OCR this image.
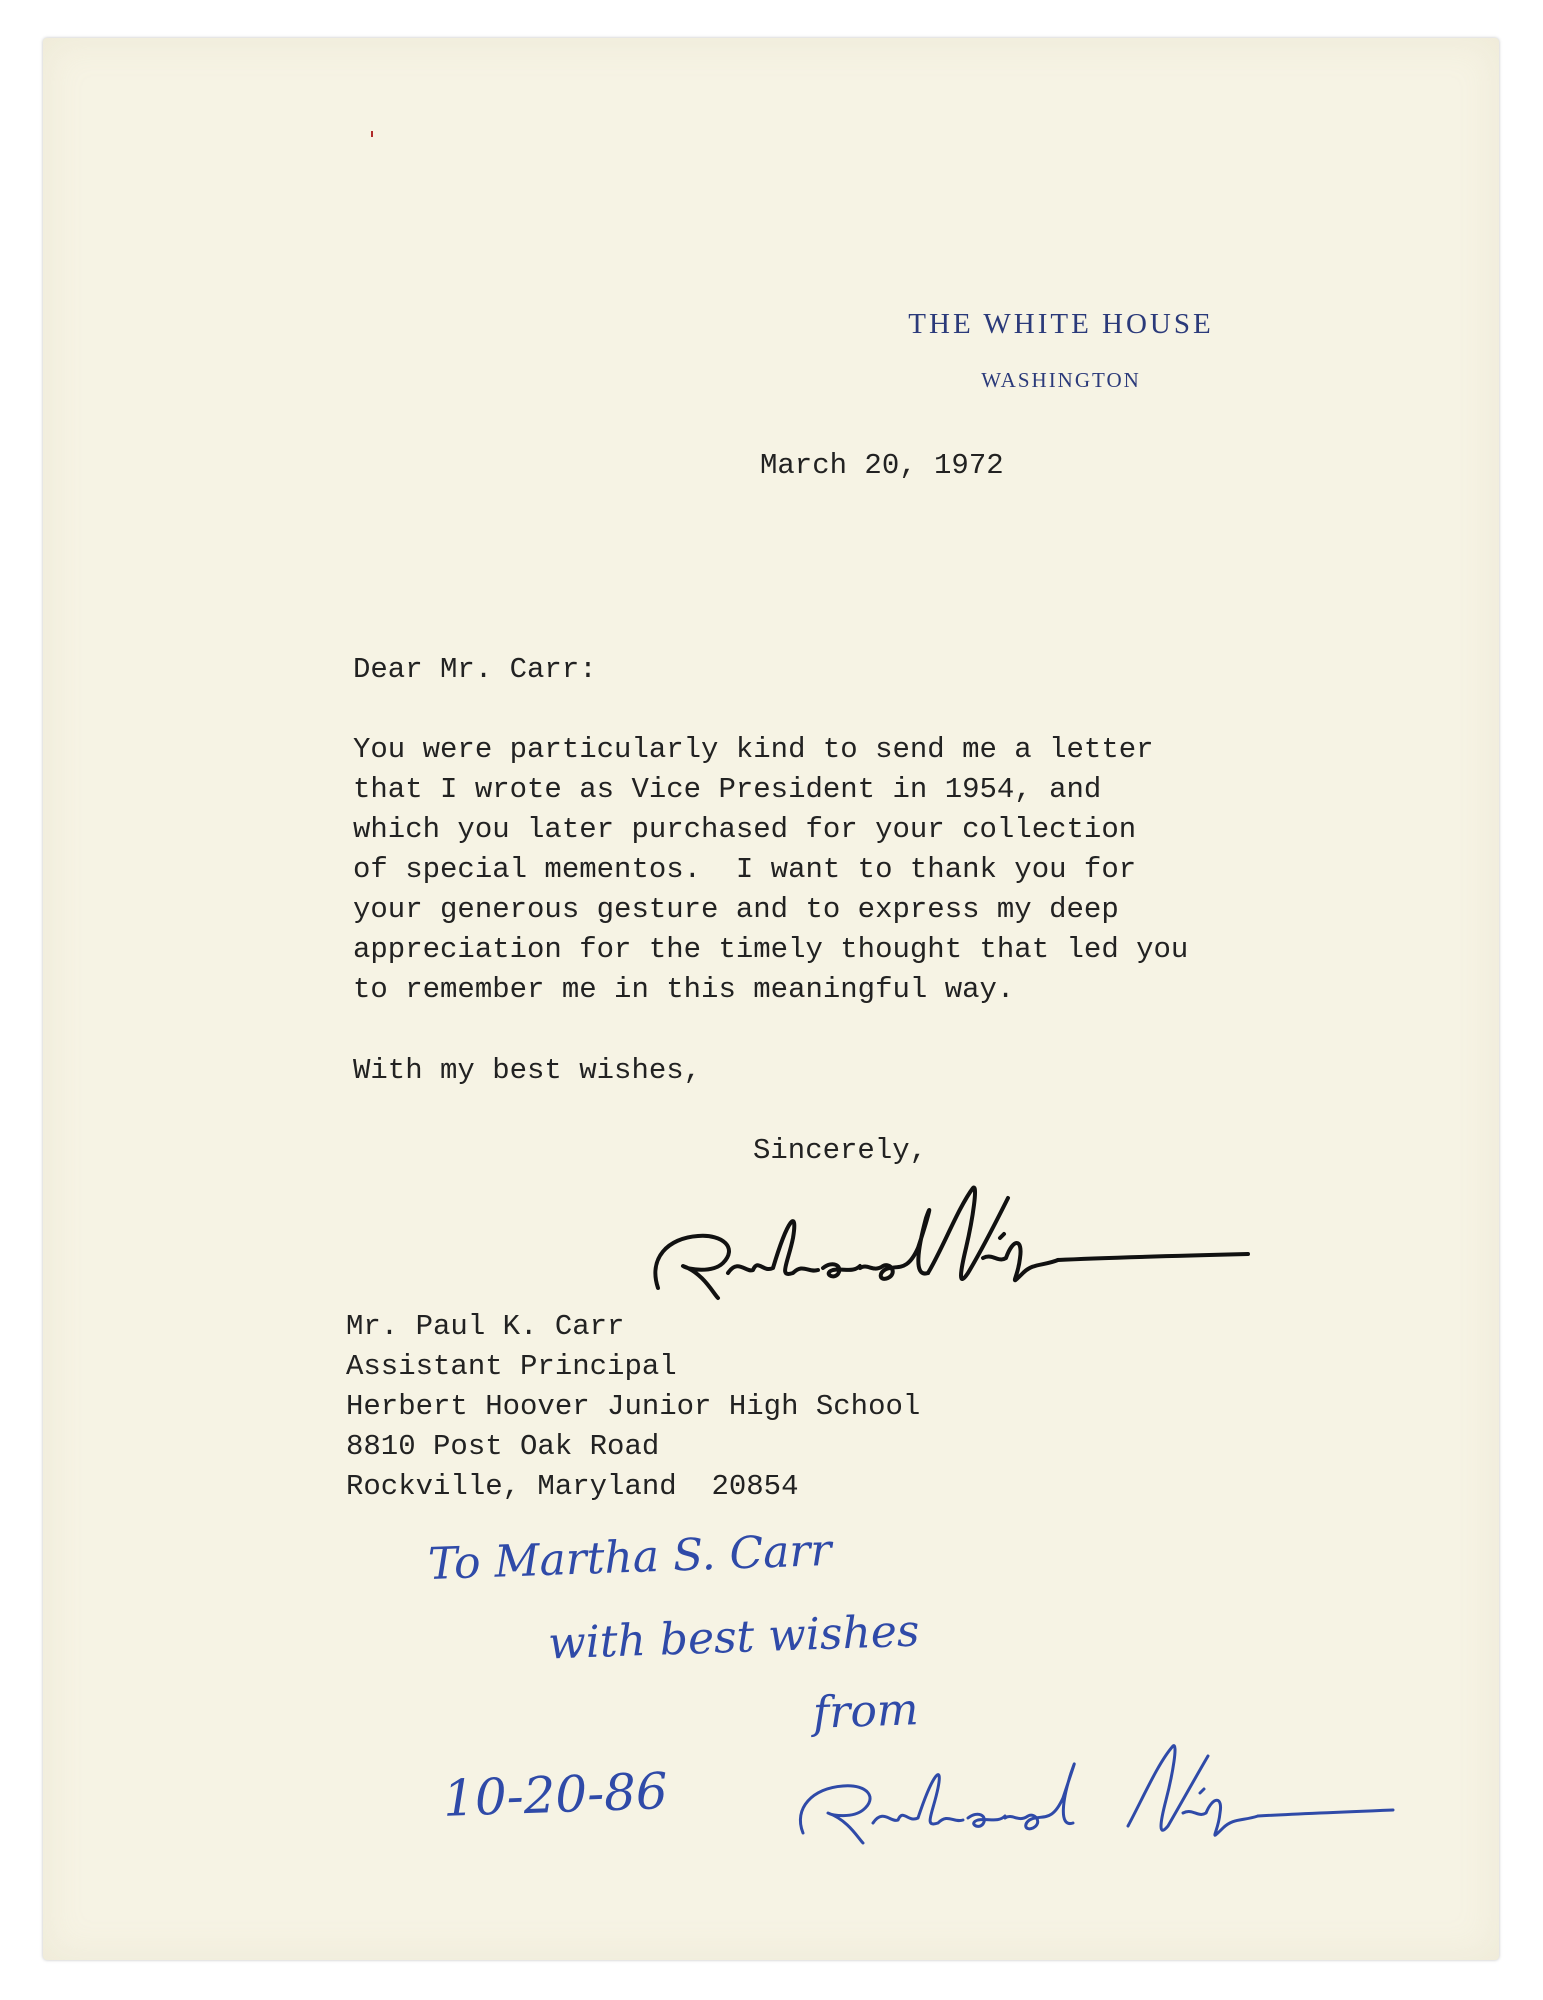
THE WHITE HOUSE
WASHINGTON
March 20, 1972
Dear Mr. Carr:
You were particularly kind to send me a letter
that I wrote as Vice President in 1954, and
which you later purchased for your collection
of special mementos.  I want to thank you for
your generous gesture and to express my deep
appreciation for the timely thought that led you
to remember me in this meaningful way.
With my best wishes,
Sincerely,
Mr. Paul K. Carr
Assistant Principal
Herbert Hoover Junior High School
8810 Post Oak Road
Rockville, Maryland  20854
To Martha S. Carr
with best wishes
from
10-20-86
